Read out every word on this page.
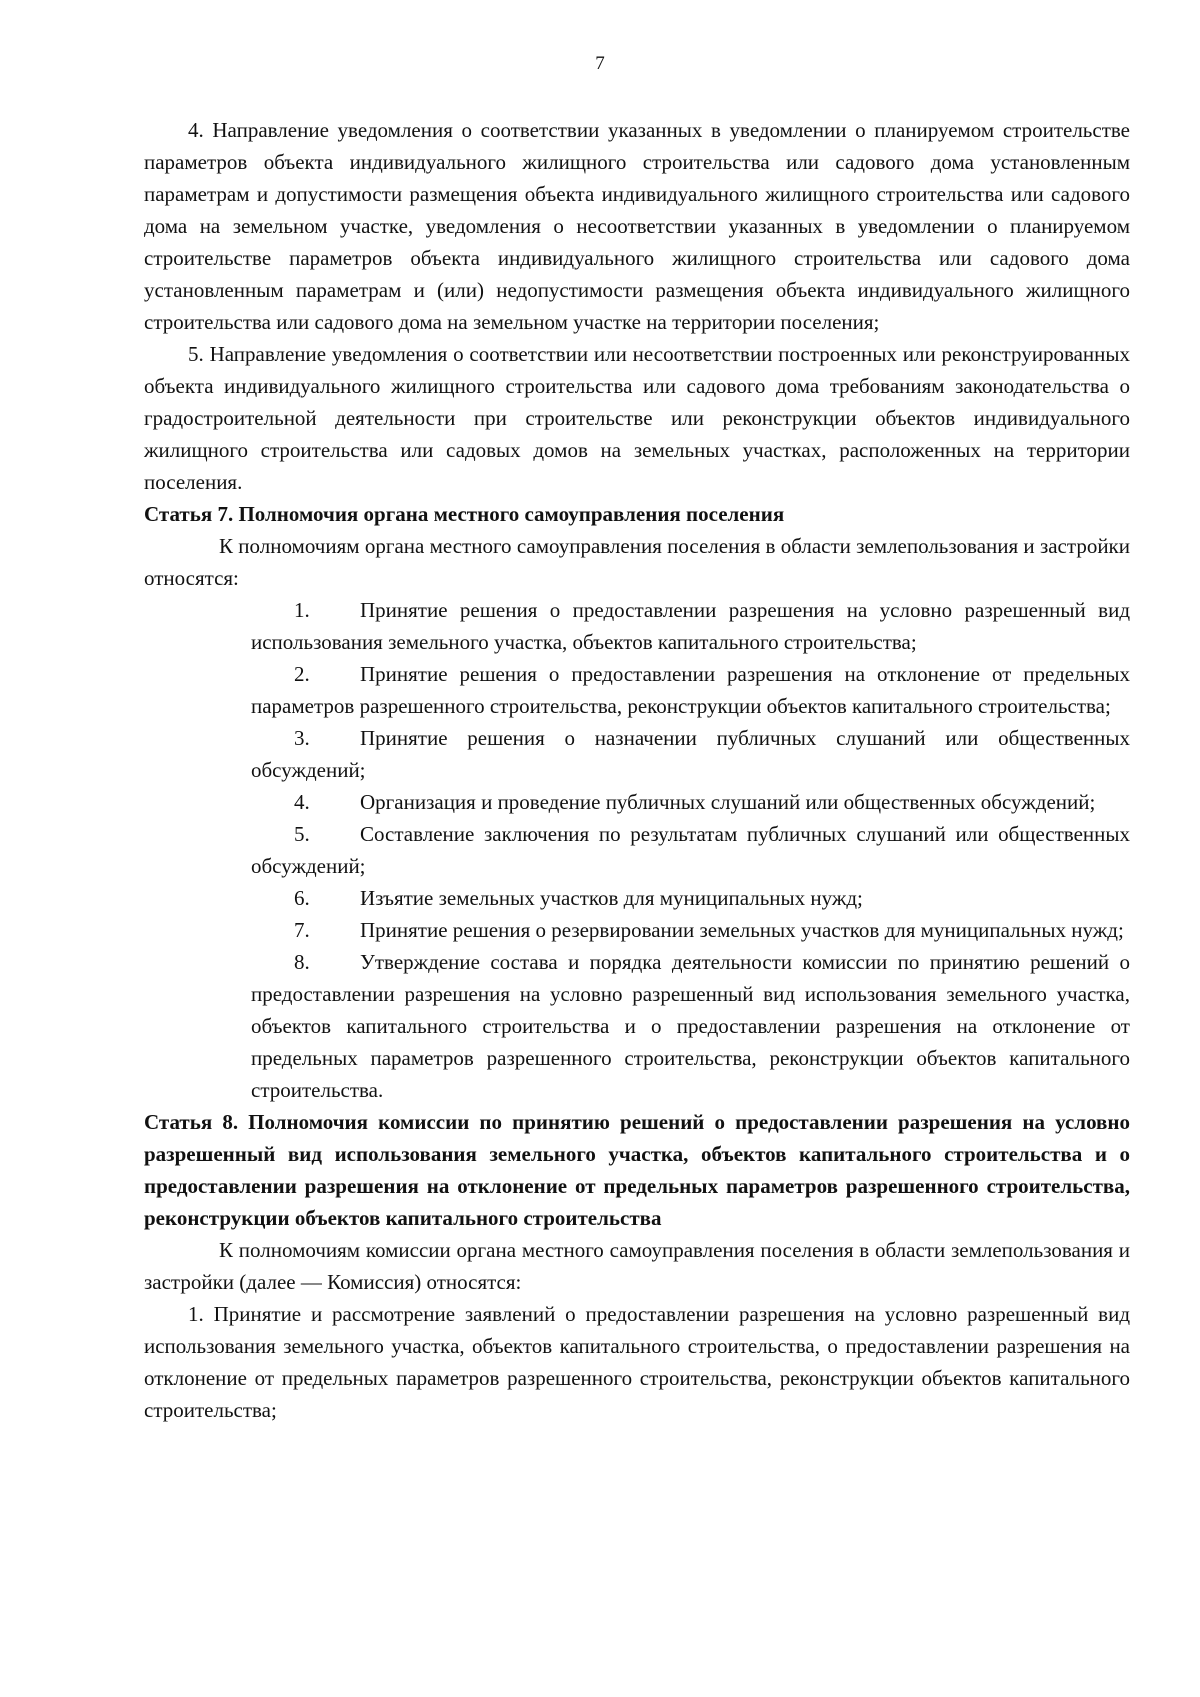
7

4. Направление уведомления о соответствии указанных в уведомлении о планируемом строительстве параметров объекта индивидуального жилищного строительства или садового дома установленным параметрам и допустимости размещения объекта индивидуального жилищного строительства или садового дома на земельном участке, уведомления о несоответствии указанных в уведомлении о планируемом строительстве параметров объекта индивидуального жилищного строительства или садового дома установленным параметрам и (или) недопустимости размещения объекта индивидуального жилищного строительства или садового дома на земельном участке на территории поселения;

5. Направление уведомления о соответствии или несоответствии построенных или реконструированных объекта индивидуального жилищного строительства или садового дома требованиям законодательства о градостроительной деятельности при строительстве или реконструкции объектов индивидуального жилищного строительства или садовых домов на земельных участках, расположенных на территории поселения.

Статья 7. Полномочия органа местного самоуправления поселения

К полномочиям органа местного самоуправления поселения в области землепользования и застройки относятся:

1. Принятие решения о предоставлении разрешения на условно разрешенный вид использования земельного участка, объектов капитального строительства;

2. Принятие решения о предоставлении разрешения на отклонение от предельных параметров разрешенного строительства, реконструкции объектов капитального строительства;

3. Принятие решения о назначении публичных слушаний или общественных обсуждений;

4. Организация и проведение публичных слушаний или общественных обсуждений;

5. Составление заключения по результатам публичных слушаний или общественных обсуждений;

6. Изъятие земельных участков для муниципальных нужд;

7. Принятие решения о резервировании земельных участков для муниципальных нужд;

8. Утверждение состава и порядка деятельности комиссии по принятию решений о предоставлении разрешения на условно разрешенный вид использования земельного участка, объектов капитального строительства и о предоставлении разрешения на отклонение от предельных параметров разрешенного строительства, реконструкции объектов капитального строительства.

Статья 8. Полномочия комиссии по принятию решений о предоставлении разрешения на условно разрешенный вид использования земельного участка, объектов капитального строительства и о предоставлении разрешения на отклонение от предельных параметров разрешенного строительства, реконструкции объектов капитального строительства

К полномочиям комиссии органа местного самоуправления поселения в области землепользования и застройки (далее — Комиссия) относятся:

1. Принятие и рассмотрение заявлений о предоставлении разрешения на условно разрешенный вид использования земельного участка, объектов капитального строительства, о предоставлении разрешения на отклонение от предельных параметров разрешенного строительства, реконструкции объектов капитального строительства;
